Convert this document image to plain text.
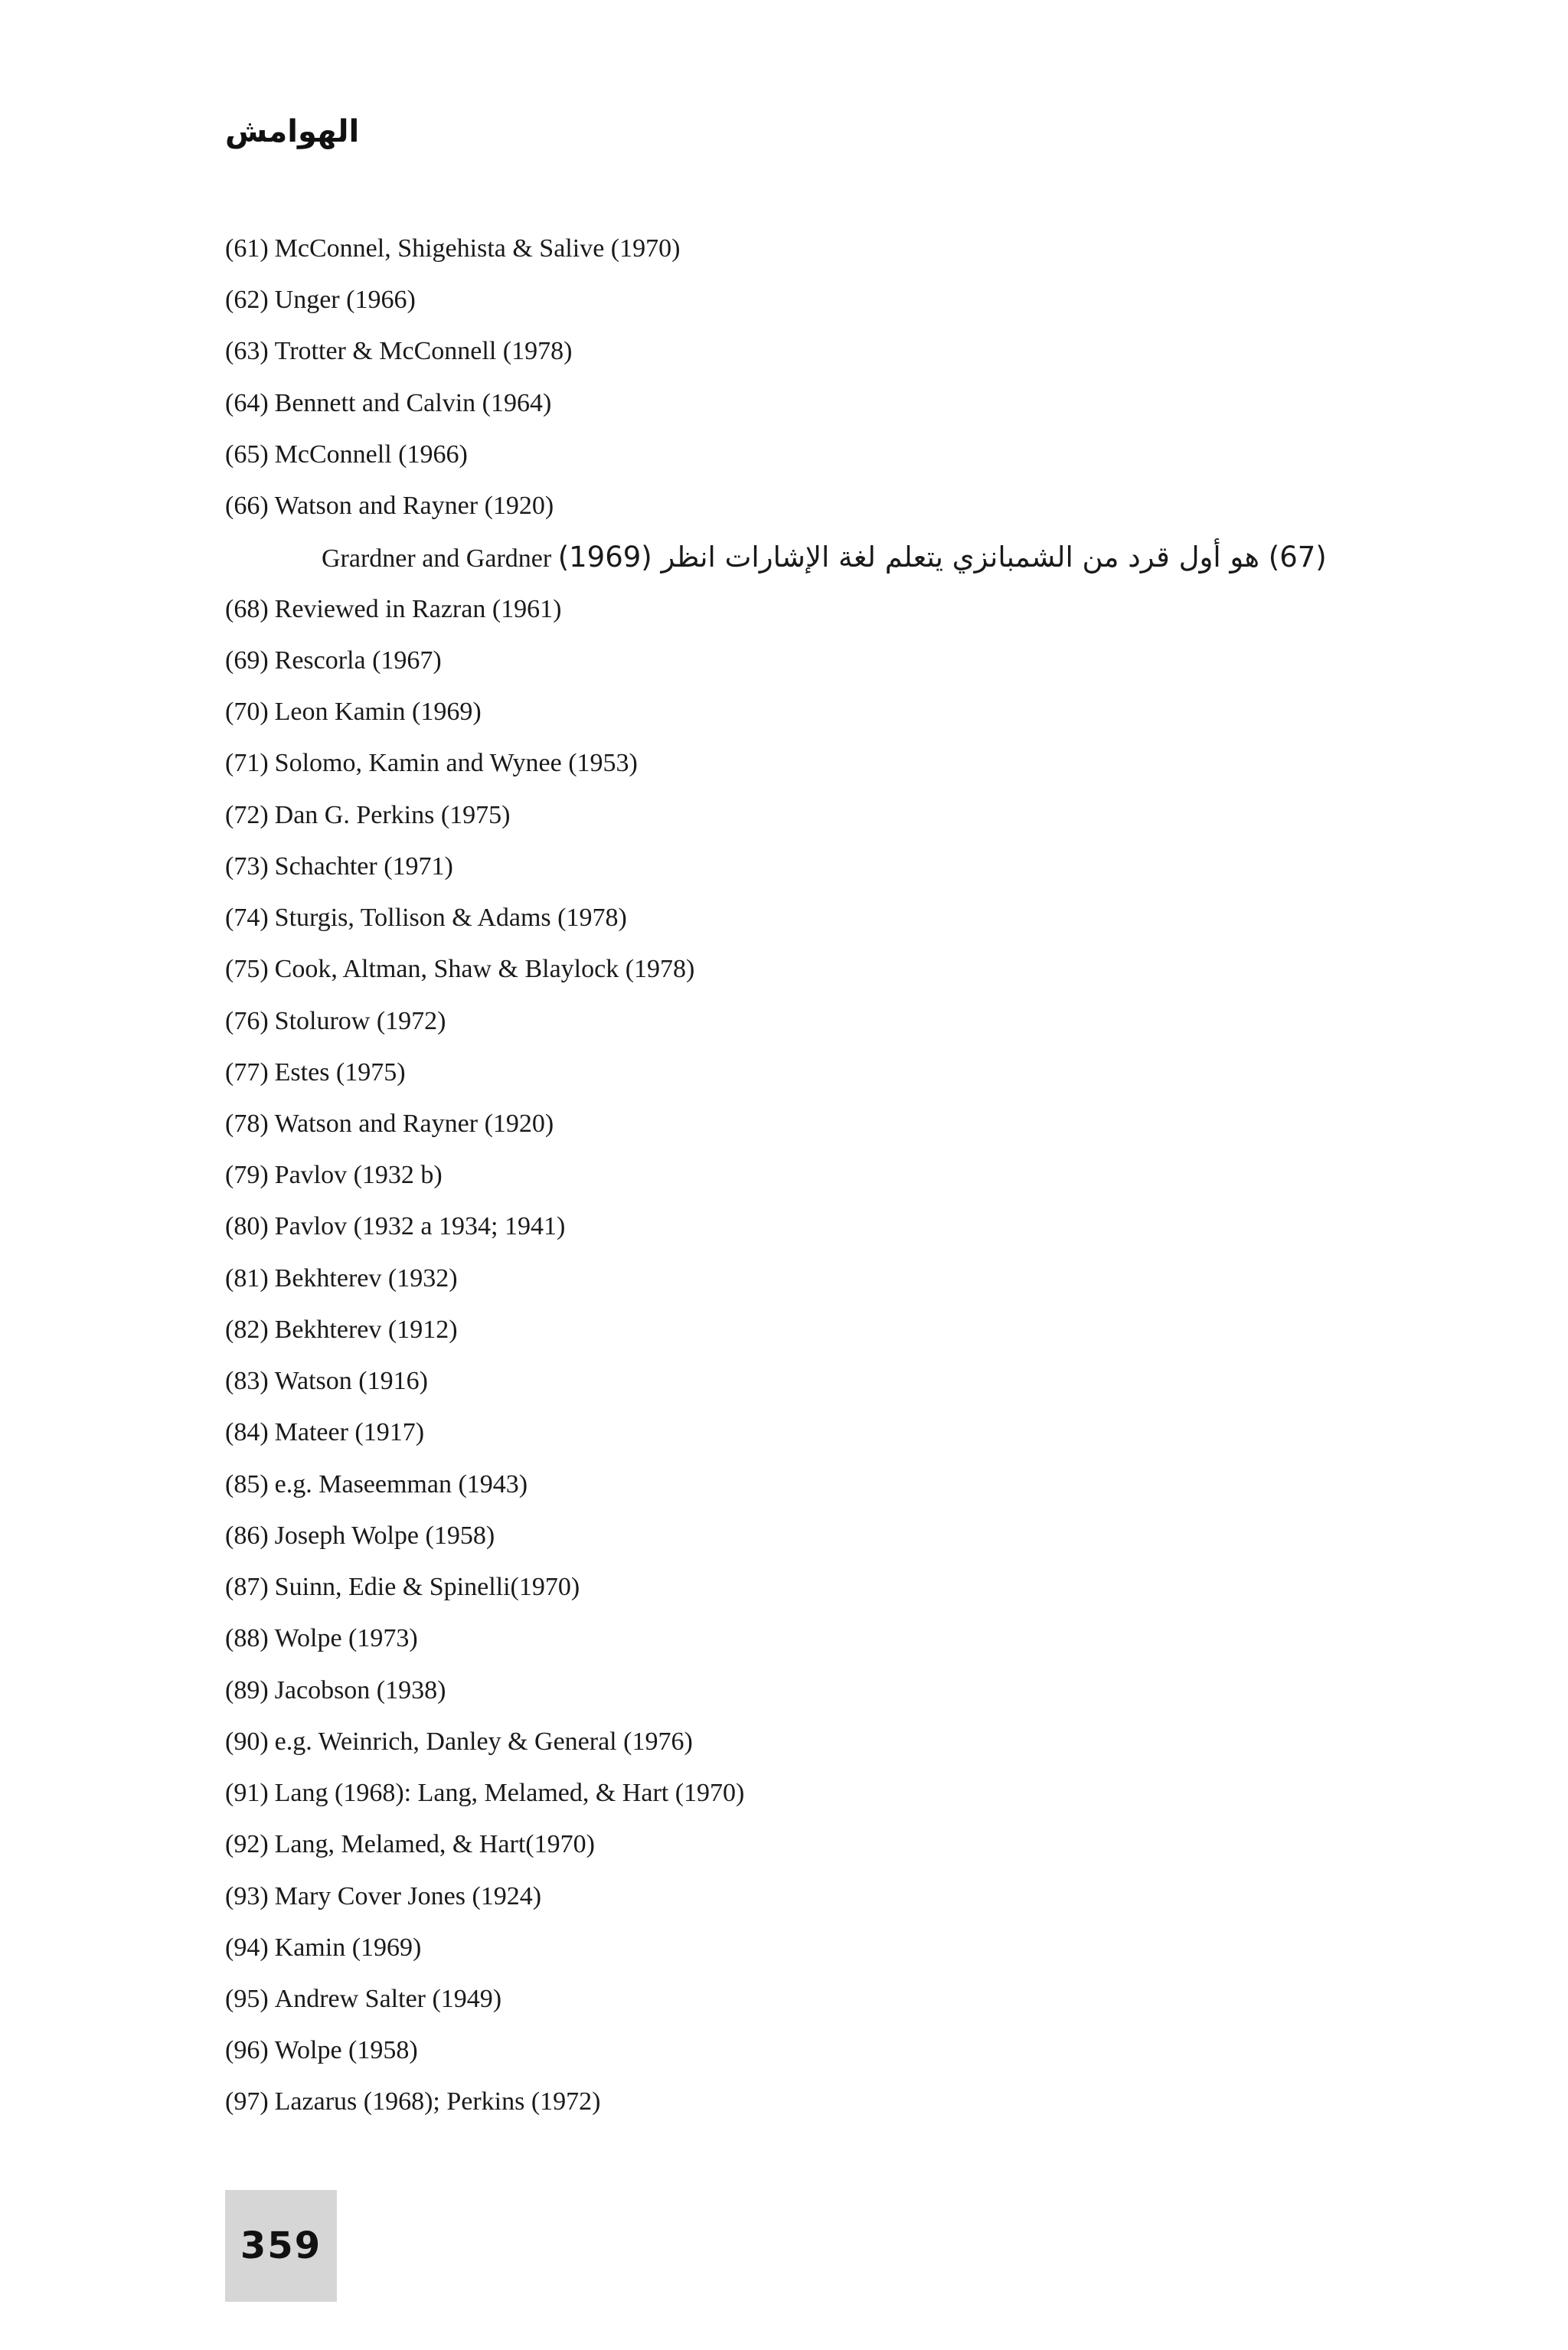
الهوامش
(61) McConnel, Shigehista & Salive (1970)
(62) Unger (1966)
(63) Trotter & McConnell (1978)
(64) Bennett and Calvin (1964)
(65) McConnell (1966)
(66) Watson and Rayner (1920)
Grardner and Gardner	(67) هو أول قرد من الشمبانزي يتعلم لغة الإشارات انظر (1969)
(68) Reviewed in Razran (1961)
(69) Rescorla (1967)
(70) Leon Kamin (1969)
(71) Solomo, Kamin and Wynee (1953)
(72) Dan G. Perkins (1975)
(73) Schachter (1971)
(74) Sturgis, Tollison & Adams (1978)
(75) Cook, Altman, Shaw & Blaylock (1978)
(76) Stolurow (1972)
(77) Estes (1975)
(78) Watson and Rayner (1920)
(79) Pavlov (1932 b)
(80) Pavlov (1932 a 1934; 1941)
(81) Bekhterev (1932)
(82) Bekhterev (1912)
(83) Watson (1916)
(84) Mateer (1917)
(85) e.g. Maseemman (1943)
(86) Joseph Wolpe (1958)
(87) Suinn, Edie & Spinelli(1970)
(88) Wolpe (1973)
(89) Jacobson (1938)
(90) e.g. Weinrich, Danley & General (1976)
(91) Lang (1968): Lang, Melamed, & Hart (1970)
(92) Lang, Melamed, & Hart(1970)
(93) Mary Cover Jones (1924)
(94) Kamin (1969)
(95) Andrew Salter (1949)
(96) Wolpe (1958)
(97) Lazarus (1968); Perkins (1972)
359
